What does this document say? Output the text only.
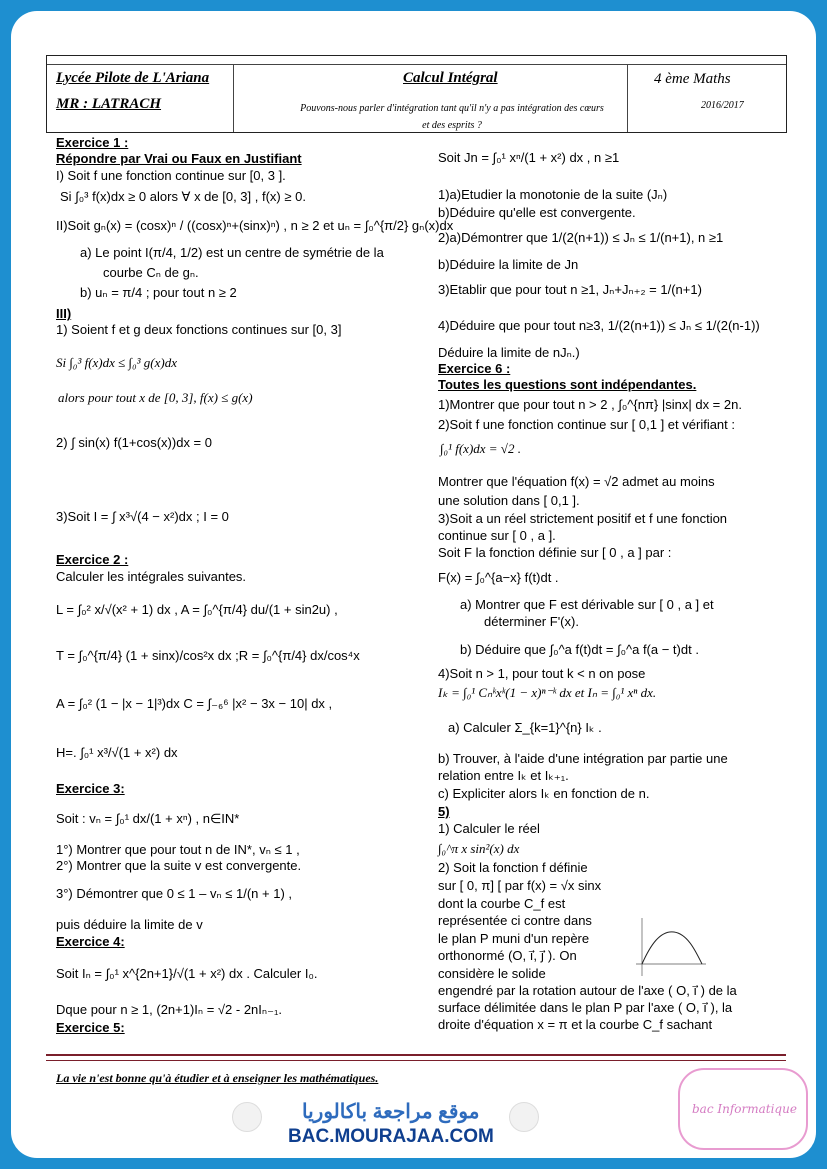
Lycée Pilote de L'Ariana
MR : LATRACH
Calcul Intégral
Pouvons-nous parler d'intégration tant qu'il n'y a pas intégration des cœurs et des esprits ?
4 ème Maths
2016/2017
Exercice 1 :
Répondre par Vrai ou Faux en Justifiant
I) Soit f une fonction continue sur [0, 3 ].
Si ∫₀³ f(x)dx ≥ 0 alors ∀ x de [0, 3] , f(x) ≥ 0.
II)Soit gₙ(x) = (cosx)ⁿ / ((cosx)ⁿ+(sinx)ⁿ) , n ≥ 2 et uₙ = ∫₀^{π/2} gₙ(x)dx
a) Le point I(π/4, 1/2) est un centre de symétrie de la
courbe Cₙ de gₙ.
b) uₙ = π/4 ; pour tout n ≥ 2
III)
1) Soient f et g deux fonctions continues sur [0, 3]
Si ∫₀³ f(x)dx ≤ ∫₀³ g(x)dx
alors pour tout x de [0, 3], f(x) ≤ g(x)
2) ∫ sin(x) f(1+cos(x))dx = 0
3)Soit I = ∫ x³√(4 − x²)dx ; I = 0
Exercice 2 :
Calculer les intégrales suivantes.
L = ∫₀² x/√(x² + 1) dx , A = ∫₀^{π/4} du/(1 + sin2u) ,
T = ∫₀^{π/4} (1 + sinx)/cos²x dx ;R = ∫₀^{π/4} dx/cos⁴x
A = ∫₀² (1 − |x − 1|³)dx C = ∫₋₆⁶ |x² − 3x − 10| dx ,
H=. ∫₀¹ x³/√(1 + x²) dx
Exercice 3:
Soit : vₙ = ∫₀¹ dx/(1 + xⁿ) , n∈IN*
1°) Montrer que pour tout n de IN*, vₙ ≤ 1 ,
2°) Montrer que la suite v est convergente.
3°) Démontrer que 0 ≤ 1 – vₙ ≤ 1/(n + 1) ,
puis déduire la limite de v
Exercice 4:
Soit Iₙ = ∫₀¹ x^{2n+1}/√(1 + x²) dx . Calculer I₀.
Dque pour n ≥ 1, (2n+1)Iₙ = √2 - 2nIₙ₋₁.
Exercice 5:
Soit Jn = ∫₀¹ xⁿ/(1 + x²) dx , n ≥1
1)a)Etudier la monotonie de la suite (Jₙ)
b)Déduire qu'elle est convergente.
2)a)Démontrer que 1/(2(n+1)) ≤ Jₙ ≤ 1/(n+1), n ≥1
b)Déduire la limite de Jn
3)Etablir que pour tout n ≥1, Jₙ+Jₙ₊₂ = 1/(n+1)
4)Déduire que pour tout n≥3, 1/(2(n+1)) ≤ Jₙ ≤ 1/(2(n-1))
Déduire la limite de nJₙ.)
Exercice 6 :
Toutes les questions sont indépendantes.
1)Montrer que pour tout n > 2 , ∫₀^{nπ} |sinx| dx = 2n.
2)Soit f une fonction continue sur [ 0,1 ] et vérifiant :
∫₀¹ f(x)dx = √2 .
Montrer que l'équation f(x) = √2 admet au moins
une solution dans [ 0,1 ].
3)Soit a un réel strictement positif et f une fonction
continue sur [ 0 , a ].
Soit F la fonction définie sur [ 0 , a ] par :
F(x) = ∫₀^{a−x} f(t)dt .
a) Montrer que F est dérivable sur [ 0 , a ] et
déterminer F'(x).
b) Déduire que ∫₀^a f(t)dt = ∫₀^a f(a − t)dt .
4)Soit n > 1, pour tout k < n on pose
Iₖ = ∫₀¹ Cₙᵏxᵏ(1 − x)ⁿ⁻ᵏ dx et Iₙ = ∫₀¹ xⁿ dx.
a) Calculer Σ_{k=1}^{n} Iₖ .
b) Trouver, à l'aide d'une intégration par partie une
relation entre Iₖ et Iₖ₊₁.
c) Expliciter alors Iₖ en fonction de n.
5)
1) Calculer le réel
∫₀^π x sin²(x) dx
2) Soit la fonction f définie
sur [ 0, π] [ par f(x) = √x sinx
dont la courbe C_f est
représentée ci contre dans
le plan P muni d'un repère
orthonormé (O, i⃗, j⃗ ). On
considère le solide
engendré par la rotation autour de l'axe ( O, i⃗ ) de la
surface délimitée dans le plan P par l'axe ( O, i⃗ ), la
droite d'équation x = π et la courbe C_f sachant
La vie n'est bonne qu'à étudier et à enseigner les mathématiques.
موقع مراجعة باكالوريا
BAC.MOURAJAA.COM
bac Informatique
